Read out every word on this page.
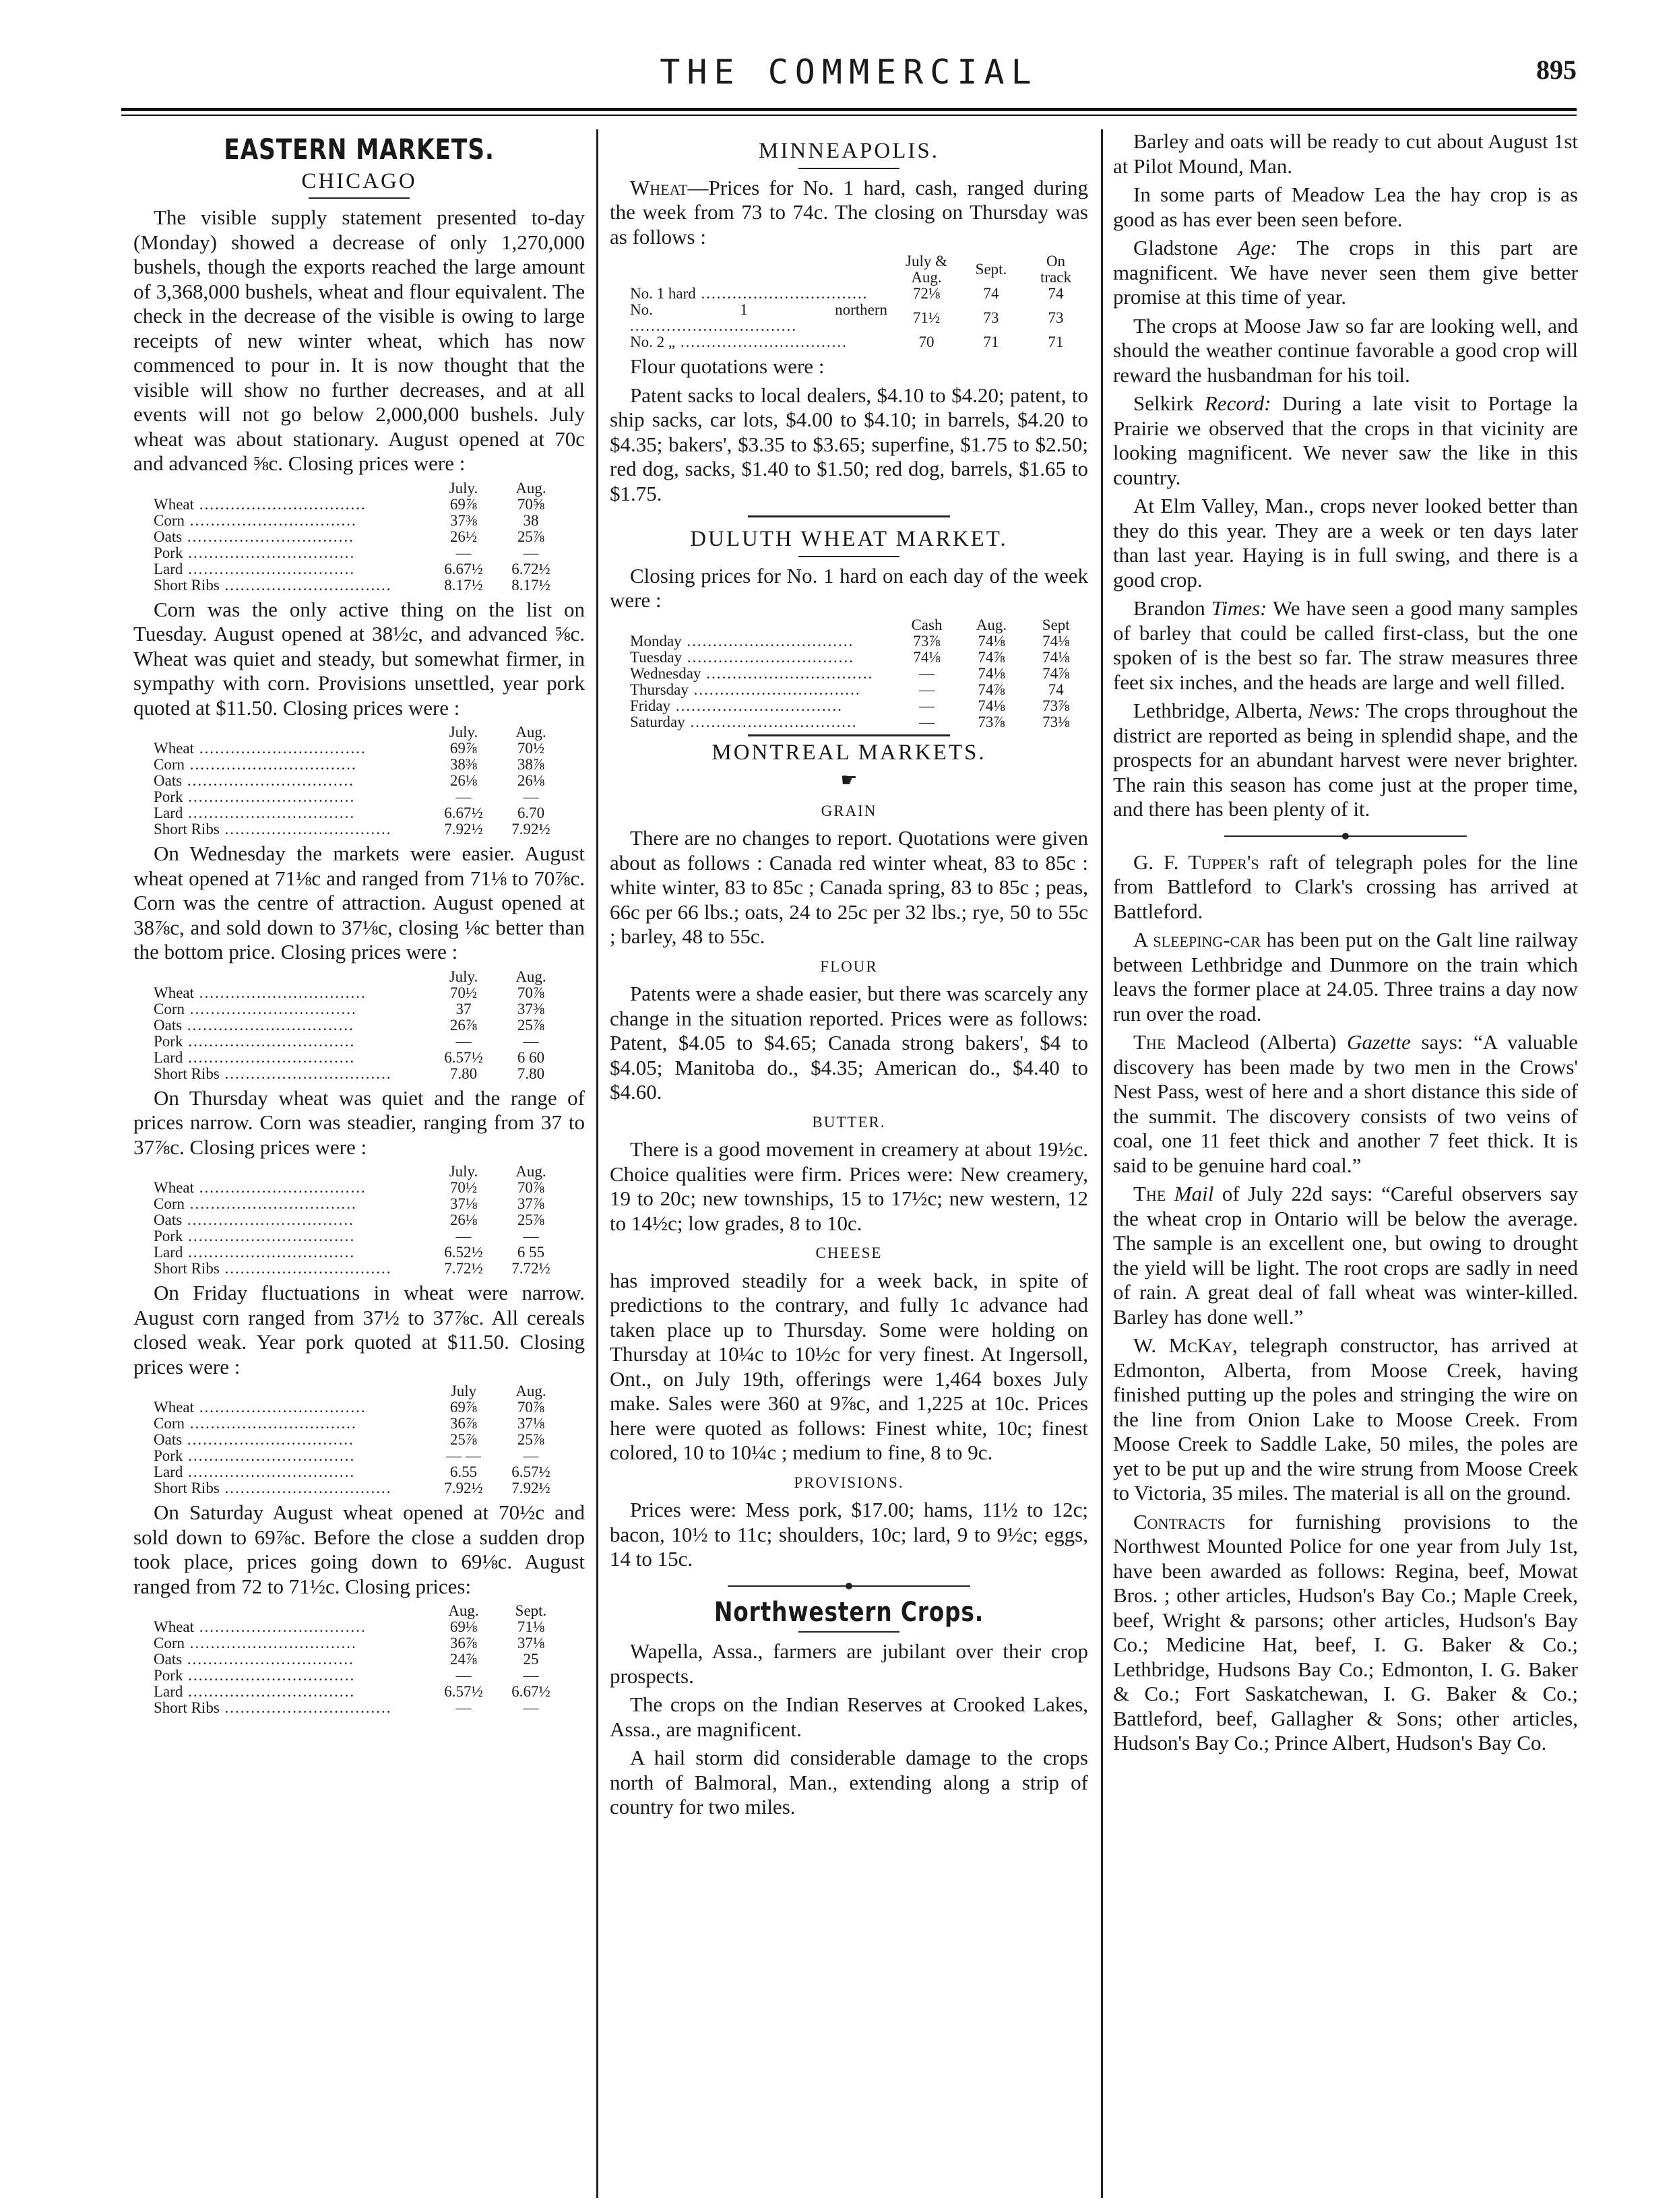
THE COMMERCIAL	895
EASTERN MARKETS.
CHICAGO

The visible supply statement presented to-day (Monday) showed a decrease of only 1,270,000 bushels, though the exports reached the large amount of 3,368,000 bushels, wheat and flour equivalent. The check in the decrease of the visible is owing to large receipts of new winter wheat, which has now commenced to pour in. It is now thought that the visible will show no further decreases, and at all events will not go below 2,000,000 bushels. July wheat was about stationary. August opened at 70c and advanced ⅝c. Closing prices were :

	July.	Aug.
Wheat .....	69⅞	70⅝
Corn .....	37⅜	38
Oats .....	26½	25⅞
Pork .....	—	—
Lard .....	6.67½	6.72½
Short Ribs .....	8.17½	8.17½

Corn was the only active thing on the list on Tuesday. August opened at 38½c, and advanced ⅝c. Wheat was quiet and steady, but somewhat firmer, in sympathy with corn. Provisions unsettled, year pork quoted at $11.50. Closing prices were :

	July.	Aug.
Wheat .....	69⅞	70½
Corn .....	38⅜	38⅞
Oats .....	26⅛	26⅛
Pork .....	—	—
Lard .....	6.67½	6.70
Short Ribs .....	7.92½	7.92½

On Wednesday the markets were easier. August wheat opened at 71⅛c and ranged from 71⅛ to 70⅞c. Corn was the centre of attraction. August opened at 38⅞c, and sold down to 37⅛c, closing ⅛c better than the bottom price. Closing prices were :

	July.	Aug.
Wheat .....	70½	70⅞
Corn .....	37	37⅜
Oats .....	26⅞	25⅞
Pork .....	—	—
Lard .....	6.57½	6 60
Short Ribs .....	7.80	7.80

On Thursday wheat was quiet and the range of prices narrow. Corn was steadier, ranging from 37 to 37⅞c. Closing prices were :

	July.	Aug.
Wheat .....	70½	70⅞
Corn .....	37⅛	37⅞
Oats .....	26⅛	25⅞
Pork .....	—	—
Lard .....	6.52½	6 55
Short Ribs .....	7.72½	7.72½

On Friday fluctuations in wheat were narrow. August corn ranged from 37½ to 37⅞c. All cereals closed weak. Year pork quoted at $11.50. Closing prices were :

	July	Aug.
Wheat .....	69⅞	70⅞
Corn .....	36⅞	37⅛
Oats .....	25⅞	25⅞
Pork .....	— —	—
Lard .....	6.55	6.57½
Short Ribs .....	7.92½	7.92½

On Saturday August wheat opened at 70½c and sold down to 69⅞c. Before the close a sudden drop took place, prices going down to 69⅛c. August ranged from 72 to 71½c. Closing prices:

	Aug.	Sept.
Wheat .....	69⅛	71⅛
Corn .....	36⅞	37⅛
Oats .....	24⅞	25
Pork .....	—	—
Lard .....	6.57½	6.67½
Short Ribs .....	—	—
MINNEAPOLIS.

Wheat—Prices for No. 1 hard, cash, ranged during the week from 73 to 74c. The closing on Thursday was as follows :

	July & Aug.	Sept.	On track
No. 1 hard .....	72⅛	74	74
No. 1 northern .....	71½	73	73
No. 2 „ .....	70	71	71

Flour quotations were :

Patent sacks to local dealers, $4.10 to $4.20; patent, to ship sacks, car lots, $4.00 to $4.10; in barrels, $4.20 to $4.35; bakers', $3.35 to $3.65; superfine, $1.75 to $2.50; red dog, sacks, $1.40 to $1.50; red dog, barrels, $1.65 to $1.75.

DULUTH WHEAT MARKET.

Closing prices for No. 1 hard on each day of the week were :

	Cash	Aug.	Sept
Monday .....	73⅞	74⅛	74⅛
Tuesday .....	74⅛	74⅞	74⅛
Wednesday .....	—	74⅛	74⅞
Thursday .....	—	74⅞	74
Friday .....	—	74⅛	73⅞
Saturday .....	—	73⅞	73⅛
MONTREAL MARKETS.
☛
GRAIN

There are no changes to report. Quotations were given about as follows : Canada red winter wheat, 83 to 85c : white winter, 83 to 85c ; Canada spring, 83 to 85c ; peas, 66c per 66 lbs.; oats, 24 to 25c per 32 lbs.; rye, 50 to 55c ; barley, 48 to 55c.

FLOUR

Patents were a shade easier, but there was scarcely any change in the situation reported. Prices were as follows: Patent, $4.05 to $4.65; Canada strong bakers', $4 to $4.05; Manitoba do., $4.35; American do., $4.40 to $4.60.

BUTTER.

There is a good movement in creamery at about 19½c. Choice qualities were firm. Prices were: New creamery, 19 to 20c; new townships, 15 to 17½c; new western, 12 to 14½c; low grades, 8 to 10c.

CHEESE

has improved steadily for a week back, in spite of predictions to the contrary, and fully 1c advance had taken place up to Thursday. Some were holding on Thursday at 10¼c to 10½c for very finest. At Ingersoll, Ont., on July 19th, offerings were 1,464 boxes July make. Sales were 360 at 9⅞c, and 1,225 at 10c. Prices here were quoted as follows: Finest white, 10c; finest colored, 10 to 10¼c ; medium to fine, 8 to 9c.

PROVISIONS.

Prices were: Mess pork, $17.00; hams, 11½ to 12c; bacon, 10½ to 11c; shoulders, 10c; lard, 9 to 9½c; eggs, 14 to 15c.

Northwestern Crops.

Wapella, Assa., farmers are jubilant over their crop prospects.

The crops on the Indian Reserves at Crooked Lakes, Assa., are magnificent.

A hail storm did considerable damage to the crops north of Balmoral, Man., extending along a strip of country for two miles.

Barley and oats will be ready to cut about August 1st at Pilot Mound, Man.

In some parts of Meadow Lea the hay crop is as good as has ever been seen before.

Gladstone Age: The crops in this part are magnificent. We have never seen them give better promise at this time of year.

The crops at Moose Jaw so far are looking well, and should the weather continue favorable a good crop will reward the husbandman for his toil.

Selkirk Record: During a late visit to Portage la Prairie we observed that the crops in that vicinity are looking magnificent. We never saw the like in this country.

At Elm Valley, Man., crops never looked better than they do this year. They are a week or ten days later than last year. Haying is in full swing, and there is a good crop.

Brandon Times: We have seen a good many samples of barley that could be called first-class, but the one spoken of is the best so far. The straw measures three feet six inches, and the heads are large and well filled.

Lethbridge, Alberta, News: The crops throughout the district are reported as being in splendid shape, and the prospects for an abundant harvest were never brighter. The rain this season has come just at the proper time, and there has been plenty of it.

G. F. Tupper's raft of telegraph poles for the line from Battleford to Clark's crossing has arrived at Battleford.

A sleeping-car has been put on the Galt line railway between Lethbridge and Dunmore on the train which leavs the former place at 24.05. Three trains a day now run over the road.

The Macleod (Alberta) Gazette says: “A valuable discovery has been made by two men in the Crows' Nest Pass, west of here and a short distance this side of the summit. The discovery consists of two veins of coal, one 11 feet thick and another 7 feet thick. It is said to be genuine hard coal.”

The Mail of July 22d says: “Careful observers say the wheat crop in Ontario will be below the average. The sample is an excellent one, but owing to drought the yield will be light. The root crops are sadly in need of rain. A great deal of fall wheat was winter-killed. Barley has done well.”

W. McKay, telegraph constructor, has arrived at Edmonton, Alberta, from Moose Creek, having finished putting up the poles and stringing the wire on the line from Onion Lake to Moose Creek. From Moose Creek to Saddle Lake, 50 miles, the poles are yet to be put up and the wire strung from Moose Creek to Victoria, 35 miles. The material is all on the ground.

Contracts for furnishing provisions to the Northwest Mounted Police for one year from July 1st, have been awarded as follows: Regina, beef, Mowat Bros. ; other articles, Hudson's Bay Co.; Maple Creek, beef, Wright & parsons; other articles, Hudson's Bay Co.; Medicine Hat, beef, I. G. Baker & Co.; Lethbridge, Hudsons Bay Co.; Edmonton, I. G. Baker & Co.; Fort Saskatchewan, I. G. Baker & Co.; Battleford, beef, Gallagher & Sons; other articles, Hudson's Bay Co.; Prince Albert, Hudson's Bay Co.
